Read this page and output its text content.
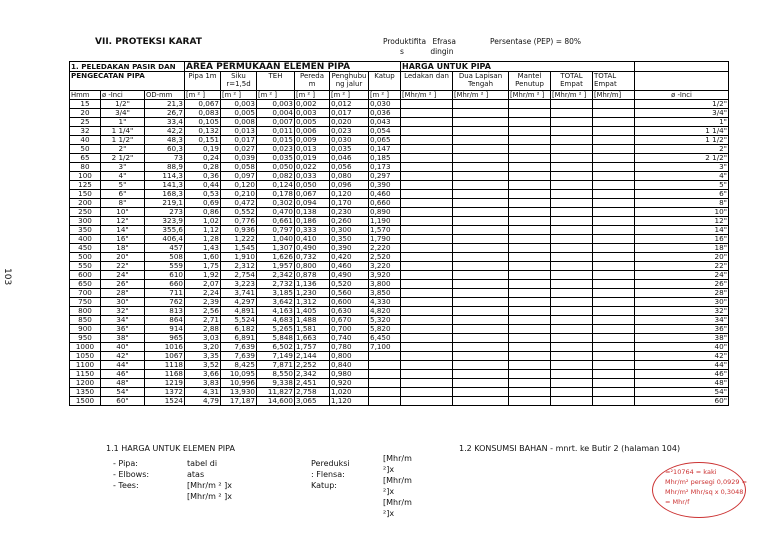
103
VII. PROTEKSI KARAT	Produktifita Efrasa
s	dingin
Persentase (PEP) = 80%
1. PELEDAKAN PASIR DAN			AREA PERMUKAAN ELEMEN PIPA						HARGA UNTUK PIPA					
PENGECATAN PIPA			Pipa 1m	Siku r=1,5d	TEH	Pereda m	Penghubu ng jalur	Katup	Ledakan dan	Dua Lapisan Tengah	Mantel Penutup	TOTAL Empat	TOTAL Empat	
Hmm	ø -Inci	OD-mm	[m ² ]	[m ² ]	[m ² ]	[m ² ]	[m ² ]	[m ² ]	[Mhr/m ² ]	[Mhr/m ² ]	[Mhr/m ² ]	[Mhr/m ² ]	[Mhr/m]	ø -Inci
15	1/2"	21,3	0,067	0,003	0,003	0,002	0,012	0,030						1/2"
20	3/4"	26,7	0,083	0,005	0,004	0,003	0,017	0,036						3/4"
25	1"	33,4	0,105	0,008	0,007	0,005	0,020	0,043						1"
32	1 1/4"	42,2	0,132	0,013	0,011	0,006	0,023	0,054						1 1/4"
40	1 1/2"	48,3	0,151	0,017	0,015	0,009	0,030	0,065						1 1/2"
50	2"	60,3	0,19	0,027	0,023	0,013	0,035	0,147						2"
65	2 1/2"	73	0,24	0,039	0,035	0,019	0,046	0,185						2 1/2"
80	3"	88,9	0,28	0,058	0,050	0,022	0,056	0,173						3"
100	4"	114,3	0,36	0,097	0,082	0,033	0,080	0,297						4"
125	5"	141,3	0,44	0,120	0,124	0,050	0,096	0,390						5"
150	6"	168,3	0,53	0,210	0,178	0,067	0,120	0,460						6"
200	8"	219,1	0,69	0,472	0,302	0,094	0,170	0,660						8"
250	10"	273	0,86	0,552	0,470	0,138	0,230	0,890						10"
300	12"	323,9	1,02	0,776	0,661	0,186	0,260	1,190						12"
350	14"	355,6	1,12	0,936	0,797	0,333	0,300	1,570						14"
400	16"	406,4	1,28	1,222	1,040	0,410	0,350	1,790						16"
450	18"	457	1,43	1,545	1,307	0,490	0,390	2,220						18"
500	20"	508	1,60	1,910	1,626	0,732	0,420	2,520						20"
550	22"	559	1,75	2,312	1,957	0,800	0,460	3,220						22"
600	24"	610	1,92	2,754	2,342	0,878	0,490	3,920						24"
650	26"	660	2,07	3,223	2,732	1,136	0,520	3,800						26"
700	28"	711	2,24	3,741	3,185	1,230	0,560	3,850						28"
750	30"	762	2,39	4,297	3,642	1,312	0,600	4,330						30"
800	32"	813	2,56	4,891	4,163	1,405	0,630	4,820						32"
850	34"	864	2,71	5,524	4,683	1,488	0,670	5,320						34"
900	36"	914	2,88	6,182	5,265	1,581	0,700	5,820						36"
950	38"	965	3,03	6,891	5,848	1,663	0,740	6,450						38"
1000	40"	1016	3,20	7,639	6,502	1,757	0,780	7,100						40"
1050	42"	1067	3,35	7,639	7,149	2,144	0,800							42"
1100	44"	1118	3,52	8,425	7,871	2,252	0,840							44"
1150	46"	1168	3,66	10,095	8,550	2,342	0,980							46"
1200	48"	1219	3,83	10,996	9,338	2,451	0,920							48"
1350	54"	1372	4,31	13,930	11,827	2,758	1,020							54"
1500	60"	1524	4,79	17,187	14,600	3,065	1,120							60"
1.1 HARGA UNTUK ELEMEN PIPA
- Pipa:	tabel di
- Elbows:	atas
- Tees:	[Mhr/m ² ]x
[Mhr/m ² ]x
Pereduksi
: Flensa:
Katup:
[Mhr/m
²]x
[Mhr/m
²]x
[Mhr/m
²]x
1.2 KONSUMSI BAHAN - mnrt. ke Butir 2 (halaman 104)
=²10764 = kaki
Mhr/m² persegi 0,0929 =
Mhr/m² Mhr/sq x 0,3048
= Mhr/f
